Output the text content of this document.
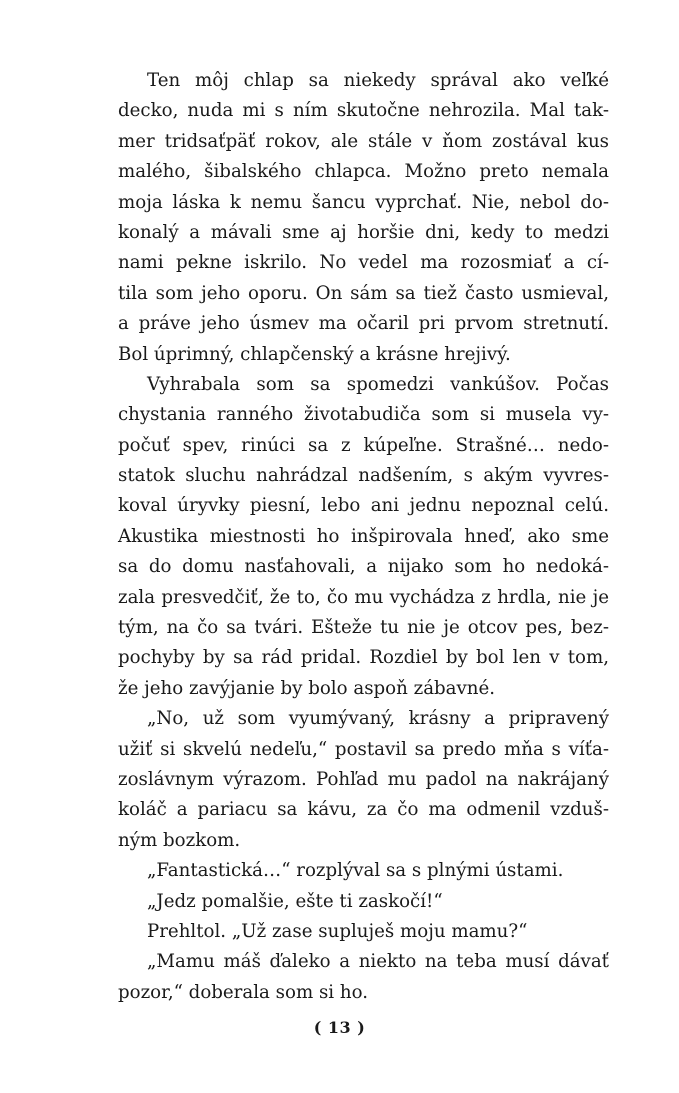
Ten môj chlap sa niekedy správal ako veľké
decko, nuda mi s ním skutočne nehrozila. Mal tak-
mer tridsaťpäť rokov, ale stále v ňom zostával kus
malého, šibalského chlapca. Možno preto nemala
moja láska k nemu šancu vyprchať. Nie, nebol do-
konalý a mávali sme aj horšie dni, kedy to medzi
nami pekne iskrilo. No vedel ma rozosmiať a cí-
tila som jeho oporu. On sám sa tiež často usmieval,
a práve jeho úsmev ma očaril pri prvom stretnutí.
Bol úprimný, chlapčenský a krásne hrejivý.
Vyhrabala som sa spomedzi vankúšov. Počas
chystania ranného životabudiča som si musela vy-
počuť spev, rinúci sa z kúpeľne. Strašné… nedo-
statok sluchu nahrádzal nadšením, s akým vyvres-
koval úryvky piesní, lebo ani jednu nepoznal celú.
Akustika miestnosti ho inšpirovala hneď, ako sme
sa do domu nasťahovali, a nijako som ho nedoká-
zala presvedčiť, že to, čo mu vychádza z hrdla, nie je
tým, na čo sa tvári. Ešteže tu nie je otcov pes, bez-
pochyby by sa rád pridal. Rozdiel by bol len v tom,
že jeho zavýjanie by bolo aspoň zábavné.
„No, už som vyumývaný, krásny a pripravený
užiť si skvelú nedeľu,“ postavil sa predo mňa s víťa-
zoslávnym výrazom. Pohľad mu padol na nakrájaný
koláč a pariacu sa kávu, za čo ma odmenil vzduš-
ným bozkom.
„Fantastická…“ rozplýval sa s plnými ústami.
„Jedz pomalšie, ešte ti zaskočí!“
Prehltol. „Už zase supluješ moju mamu?“
„Mamu máš ďaleko a niekto na teba musí dávať
pozor,“ doberala som si ho.
( 13 )
